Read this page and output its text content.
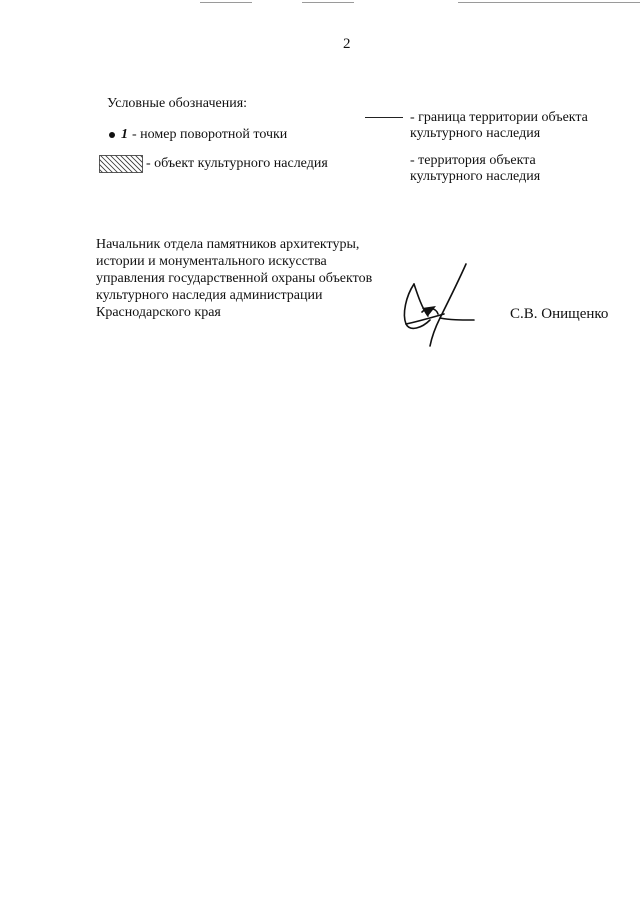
2
Условные обозначения:
1 - номер поворотной точки
- объект культурного наследия
- граница территории объекта
культурного наследия
- территория объекта
культурного наследия
Начальник отдела памятников архитектуры,
истории и монументального искусства
управления государственной охраны объектов
культурного наследия администрации
Краснодарского края	С.В. Онищенко
